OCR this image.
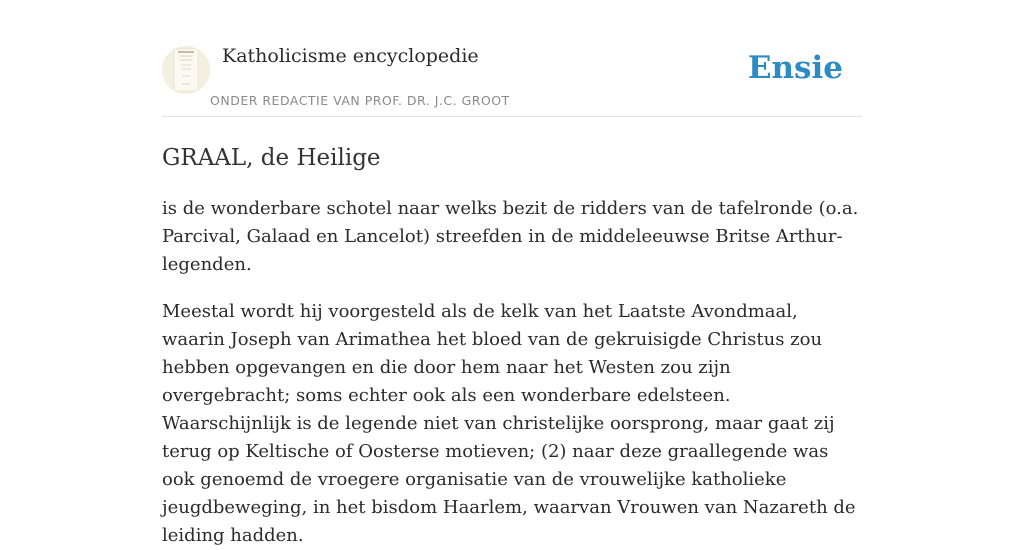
Katholicisme encyclopedie
ONDER REDACTIE VAN PROF. DR. J.C. GROOT
Ensie
GRAAL, de Heilige

is de wonderbare schotel naar welks bezit de ridders van de tafelronde (o.a. Parcival, Galaad en Lancelot) streefden in de middeleeuwse Britse Arthur-legenden.

Meestal wordt hij voorgesteld als de kelk van het Laatste Avondmaal, waarin Joseph van Arimathea het bloed van de gekruisigde Christus zou hebben opgevangen en die door hem naar het Westen zou zijn overgebracht; soms echter ook als een wonderbare edelsteen. Waarschijnlijk is de legende niet van christelijke oorsprong, maar gaat zij terug op Keltische of Oosterse motieven; (2) naar deze graallegende was ook genoemd de vroegere organisatie van de vrouwelijke katholieke jeugdbeweging, in het bisdom Haarlem, waarvan Vrouwen van Nazareth de leiding hadden.
